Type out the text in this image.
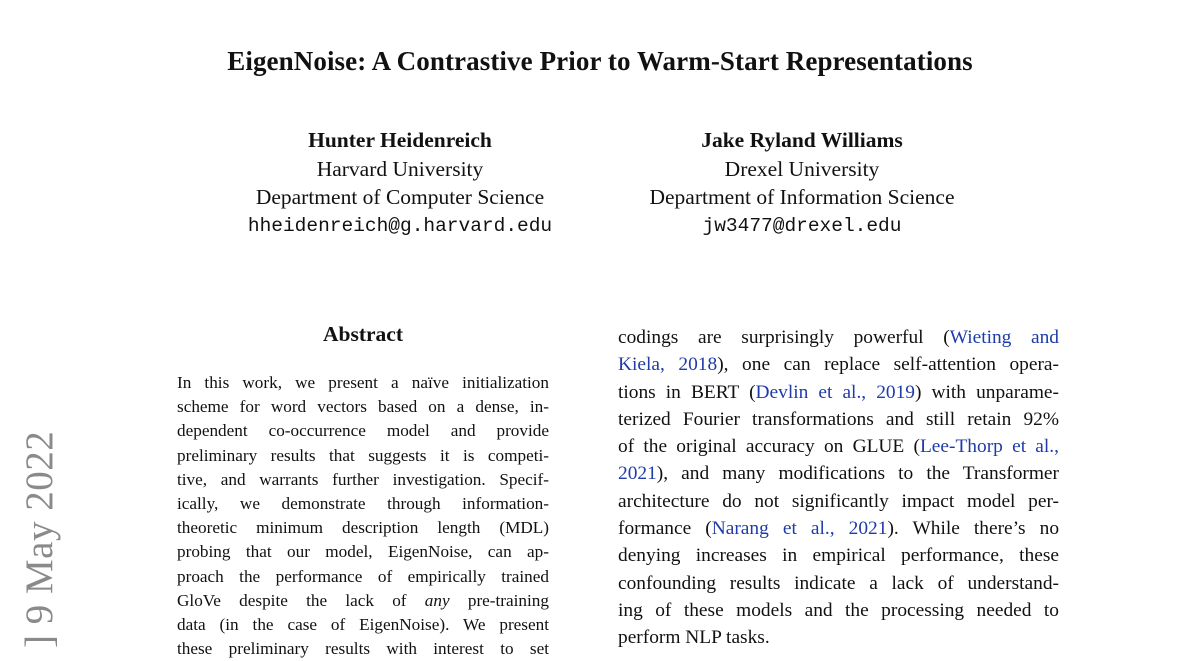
EigenNoise: A Contrastive Prior to Warm-Start Representations
Hunter Heidenreich
Harvard University
Department of Computer Science
hheidenreich@g.harvard.edu
Jake Ryland Williams
Drexel University
Department of Information Science
jw3477@drexel.edu
Abstract
In this work, we present a naïve initialization
scheme for word vectors based on a dense, in-
dependent co-occurrence model and provide
preliminary results that suggests it is competi-
tive, and warrants further investigation. Specif-
ically, we demonstrate through information-
theoretic minimum description length (MDL)
probing that our model, EigenNoise, can ap-
proach the performance of empirically trained
GloVe despite the lack of any pre-training
data (in the case of EigenNoise). We present
these preliminary results with interest to set
codings are surprisingly powerful (Wieting and
Kiela, 2018), one can replace self-attention opera-
tions in BERT (Devlin et al., 2019) with unparame-
terized Fourier transformations and still retain 92%
of the original accuracy on GLUE (Lee-Thorp et al.,
2021), and many modifications to the Transformer
architecture do not significantly impact model per-
formance (Narang et al., 2021). While there’s no
denying increases in empirical performance, these
confounding results indicate a lack of understand-
ing of these models and the processing needed to
perform NLP tasks.
] 9 May 2022
